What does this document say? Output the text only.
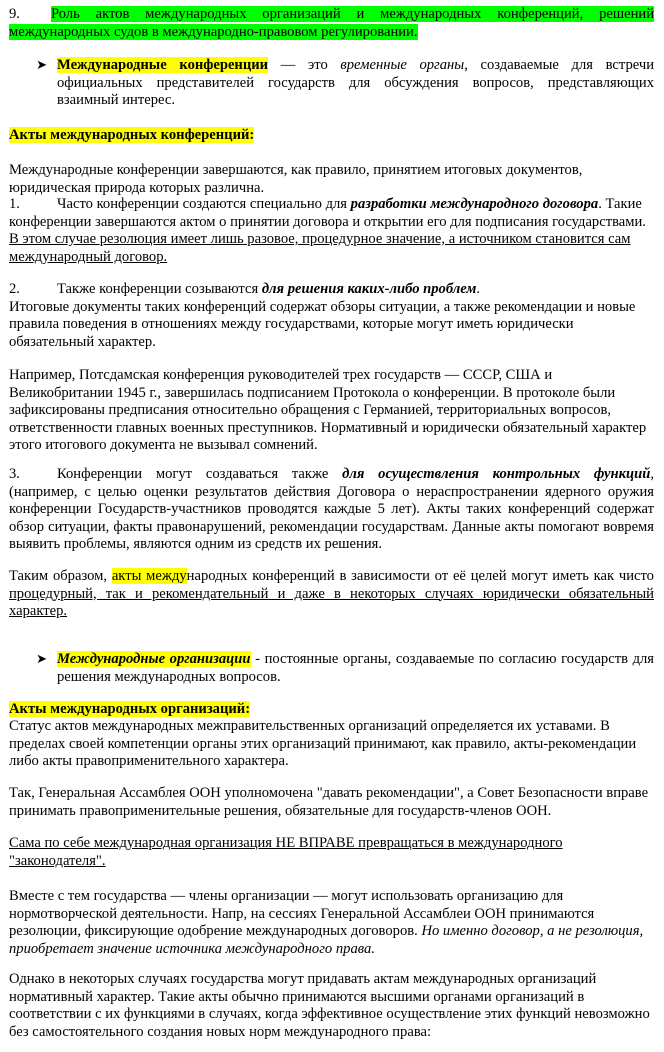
9. Роль актов международных организаций и международных конференций, решений международных судов в международно-правовом регулировании.
➤ Международные конференции — это временные органы, создаваемые для встречи официальных представителей государств для обсуждения вопросов, представляющих взаимный интерес.
Акты международных конференций:
Международные конференции завершаются, как правило, принятием итоговых документов, юридическая природа которых различна.
1.	Часто конференции создаются специально для разработки международного договора. Такие конференции завершаются актом о принятии договора и открытии его для подписания государствами. В этом случае резолюция имеет лишь разовое, процедурное значение, а источником становится сам международный договор.
2.	Также конференции созываются для решения каких-либо проблем.
Итоговые документы таких конференций содержат обзоры ситуации, а также рекомендации и новые правила поведения в отношениях между государствами, которые могут иметь юридически обязательный характер.
Например, Потсдамская конференция руководителей трех государств — СССР, США и Великобритании 1945 г., завершилась подписанием Протокола о конференции. В протоколе были зафиксированы предписания относительно обращения с Германией, территориальных вопросов, ответственности главных военных преступников. Нормативный и юридически обязательный характер этого итогового документа не вызывал сомнений.
3.	Конференции могут создаваться также для осуществления контрольных функций, (например, с целью оценки результатов действия Договора о нераспространении ядерного оружия конференции Государств-участников проводятся каждые 5 лет). Акты таких конференций содержат обзор ситуации, факты правонарушений, рекомендации государствам. Данные акты помогают вовремя выявить проблемы, являются одним из средств их решения.
Таким образом, акты международных конференций в зависимости от её целей могут иметь как чисто процедурный, так и рекомендательный и даже в некоторых случаях юридически обязательный характер.
➤ Международные организации - постоянные органы, создаваемые по согласию государств для решения международных вопросов.
Акты международных организаций:
Статус актов международных межправительственных организаций определяется их уставами. В пределах своей компетенции органы этих организаций принимают, как правило, акты-рекомендации либо акты правоприменительного характера.
Так, Генеральная Ассамблея ООН уполномочена "давать рекомендации", а Совет Безопасности вправе принимать правоприменительные решения, обязательные для государств-членов ООН.
Сама по себе международная организация НЕ ВПРАВЕ превращаться в международного "законодателя".
Вместе с тем государства — члены организации — могут использовать организацию для нормотворческой деятельности. Напр, на сессиях Генеральной Ассамблеи ООН принимаются резолюции, фиксирующие одобрение международных договоров. Но именно договор, а не резолюция, приобретает значение источника международного права.
Однако в некоторых случаях государства могут придавать актам международных организаций нормативный характер. Такие акты обычно принимаются высшими органами организаций в соответствии с их функциями в случаях, когда эффективное осуществление этих функций невозможно без самостоятельного создания новых норм международного права:
